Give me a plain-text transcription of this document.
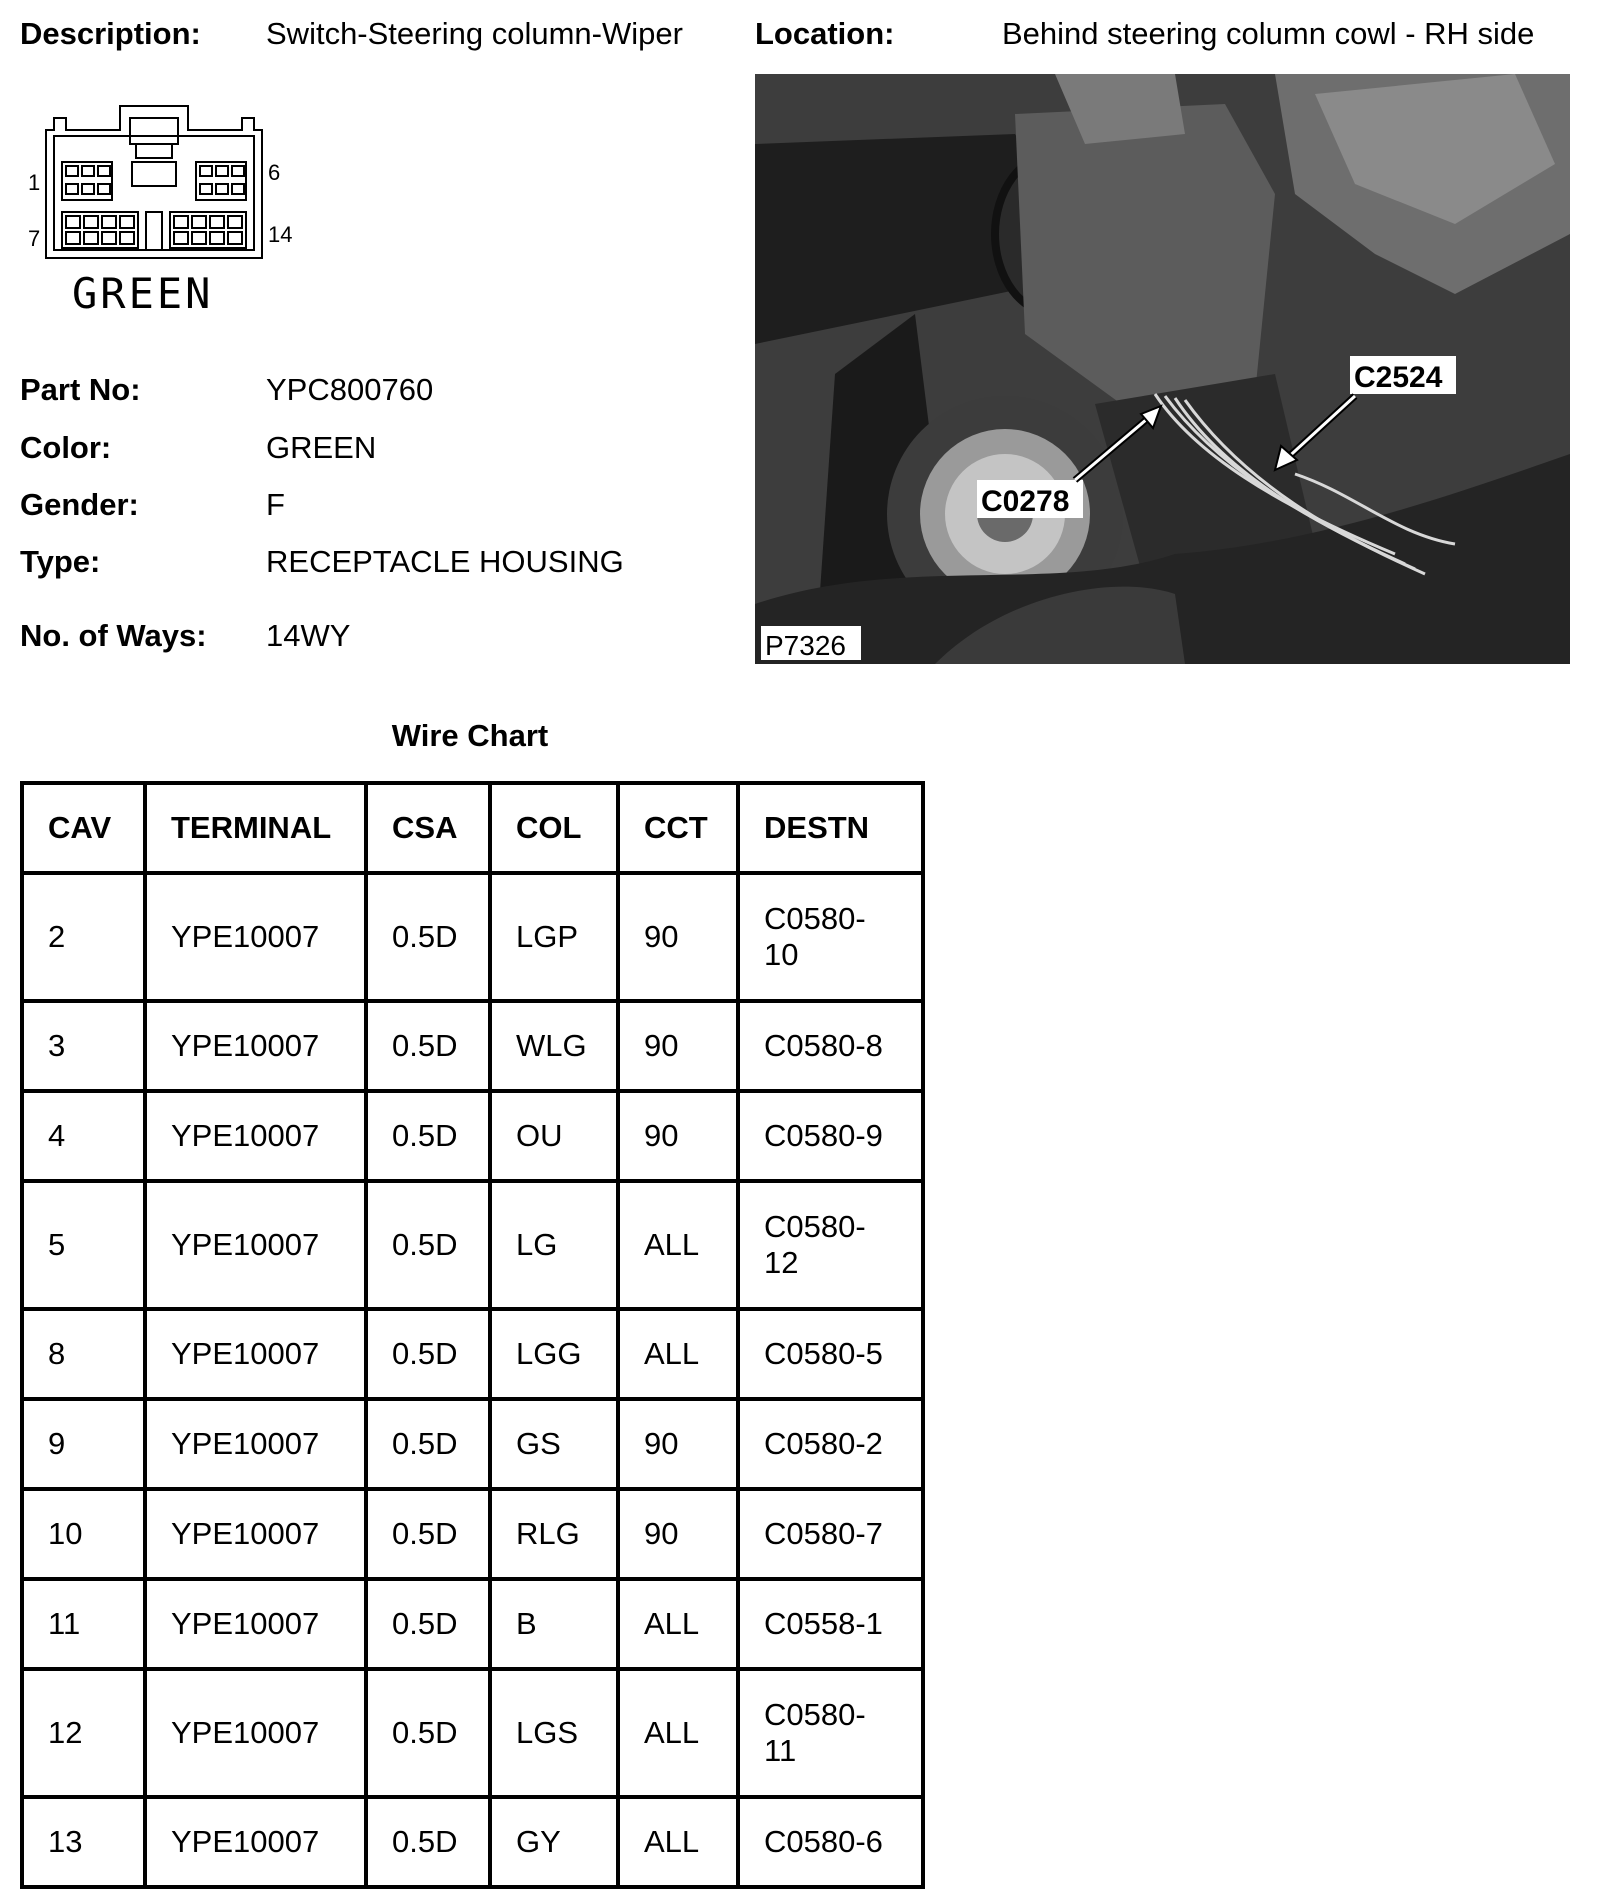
Description: Switch-Steering column-Wiper Location:	Behind steering column cowl - RH side
1	6
7	14
GREEN
Part No:	YPC800760
Color:	GREEN
Gender:	F
Type:	RECEPTACLE HOUSING
No. of Ways: 14WY
C2524
C0278
P7326
Wire Chart
CAV	TERMINAL	CSA	COL	CCT	DESTN
2	YPE10007	0.5D	LGP	90	C0580-
10
3	YPE10007	0.5D	WLG	90	C0580-8
4	YPE10007	0.5D	OU	90	C0580-9
5	YPE10007	0.5D	LG	ALL	C0580-
12
8	YPE10007	0.5D	LGG	ALL	C0580-5
9	YPE10007	0.5D	GS	90	C0580-2
10	YPE10007	0.5D	RLG	90	C0580-7
11	YPE10007	0.5D	B	ALL	C0558-1
12	YPE10007	0.5D	LGS	ALL	C0580-
11
13	YPE10007	0.5D	GY	ALL	C0580-6
